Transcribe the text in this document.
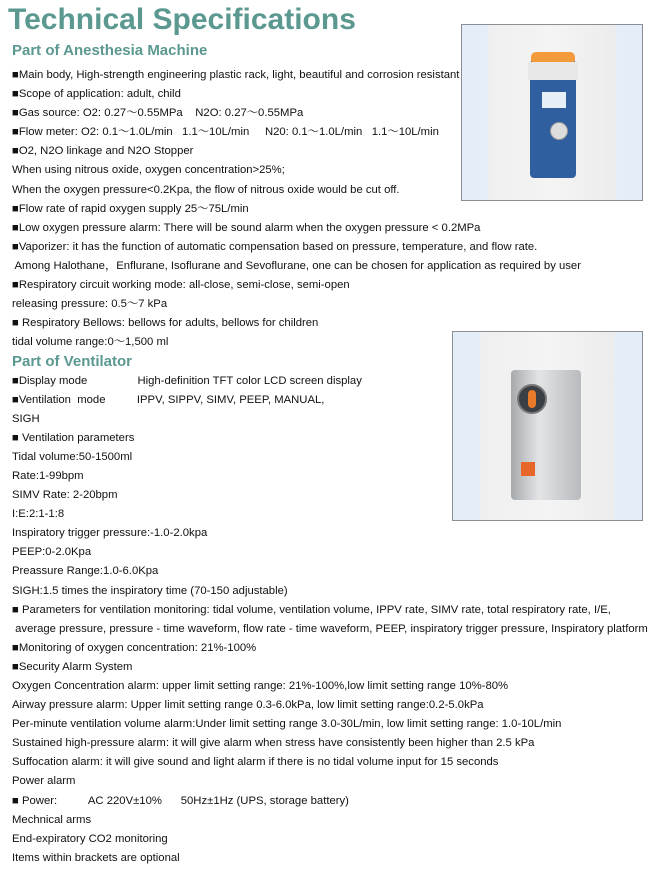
Technical Specifications
Part of Anesthesia Machine
■Main body, High-strength engineering plastic rack, light, beautiful and corrosion resistant
■Scope of application: adult, child
■Gas source: O2: 0.27～0.55MPa    N2O: 0.27～0.55MPa
■Flow meter: O2: 0.1～1.0L/min   1.1～10L/min     N20: 0.1～1.0L/min   1.1～10L/min
■O2, N2O linkage and N2O Stopper
When using nitrous oxide, oxygen concentration>25%;
When the oxygen pressure<0.2Kpa, the flow of nitrous oxide would be cut off.
■Flow rate of rapid oxygen supply 25～75L/min
■Low oxygen pressure alarm: There will be sound alarm when the oxygen pressure < 0.2MPa
■Vaporizer: it has the function of automatic compensation based on pressure, temperature, and flow rate.
Among Halothane，Enflurane, Isoflurane and Sevoflurane, one can be chosen for application as required by user
■Respiratory circuit working mode: all-close, semi-close, semi-open
releasing pressure: 0.5～7 kPa
■ Respiratory Bellows: bellows for adults, bellows for children
tidal volume range:0～1,500 ml
Part of Ventilator
■Display mode                High-definition TFT color LCD screen display
■Ventilation  mode          IPPV, SIPPV, SIMV, PEEP, MANUAL,
SIGH
■ Ventilation parameters
Tidal volume:50-1500ml
Rate:1-99bpm
SIMV Rate: 2-20bpm
I:E:2:1-1:8
Inspiratory trigger pressure:-1.0-2.0kpa
PEEP:0-2.0Kpa
Preassure Range:1.0-6.0Kpa
SIGH:1.5 times the inspiratory time (70-150 adjustable)
■ Parameters for ventilation monitoring: tidal volume, ventilation volume, IPPV rate, SIMV rate, total respiratory rate, I/E,
average pressure, pressure - time waveform, flow rate - time waveform, PEEP, inspiratory trigger pressure, Inspiratory platform
■Monitoring of oxygen concentration: 21%-100%
■Security Alarm System
Oxygen Concentration alarm: upper limit setting range: 21%-100%,low limit setting range 10%-80%
Airway pressure alarm: Upper limit setting range 0.3-6.0kPa, low limit setting range:0.2-5.0kPa
Per-minute ventilation volume alarm:Under limit setting range 3.0-30L/min, low limit setting range: 1.0-10L/min
Sustained high-pressure alarm: it will give alarm when stress have consistently been higher than 2.5 kPa
Suffocation alarm: it will give sound and light alarm if there is no tidal volume input for 15 seconds
Power alarm
■ Power:          AC 220V±10%      50Hz±1Hz (UPS, storage battery)
Mechnical arms
End-expiratory CO2 monitoring
Items within brackets are optional
